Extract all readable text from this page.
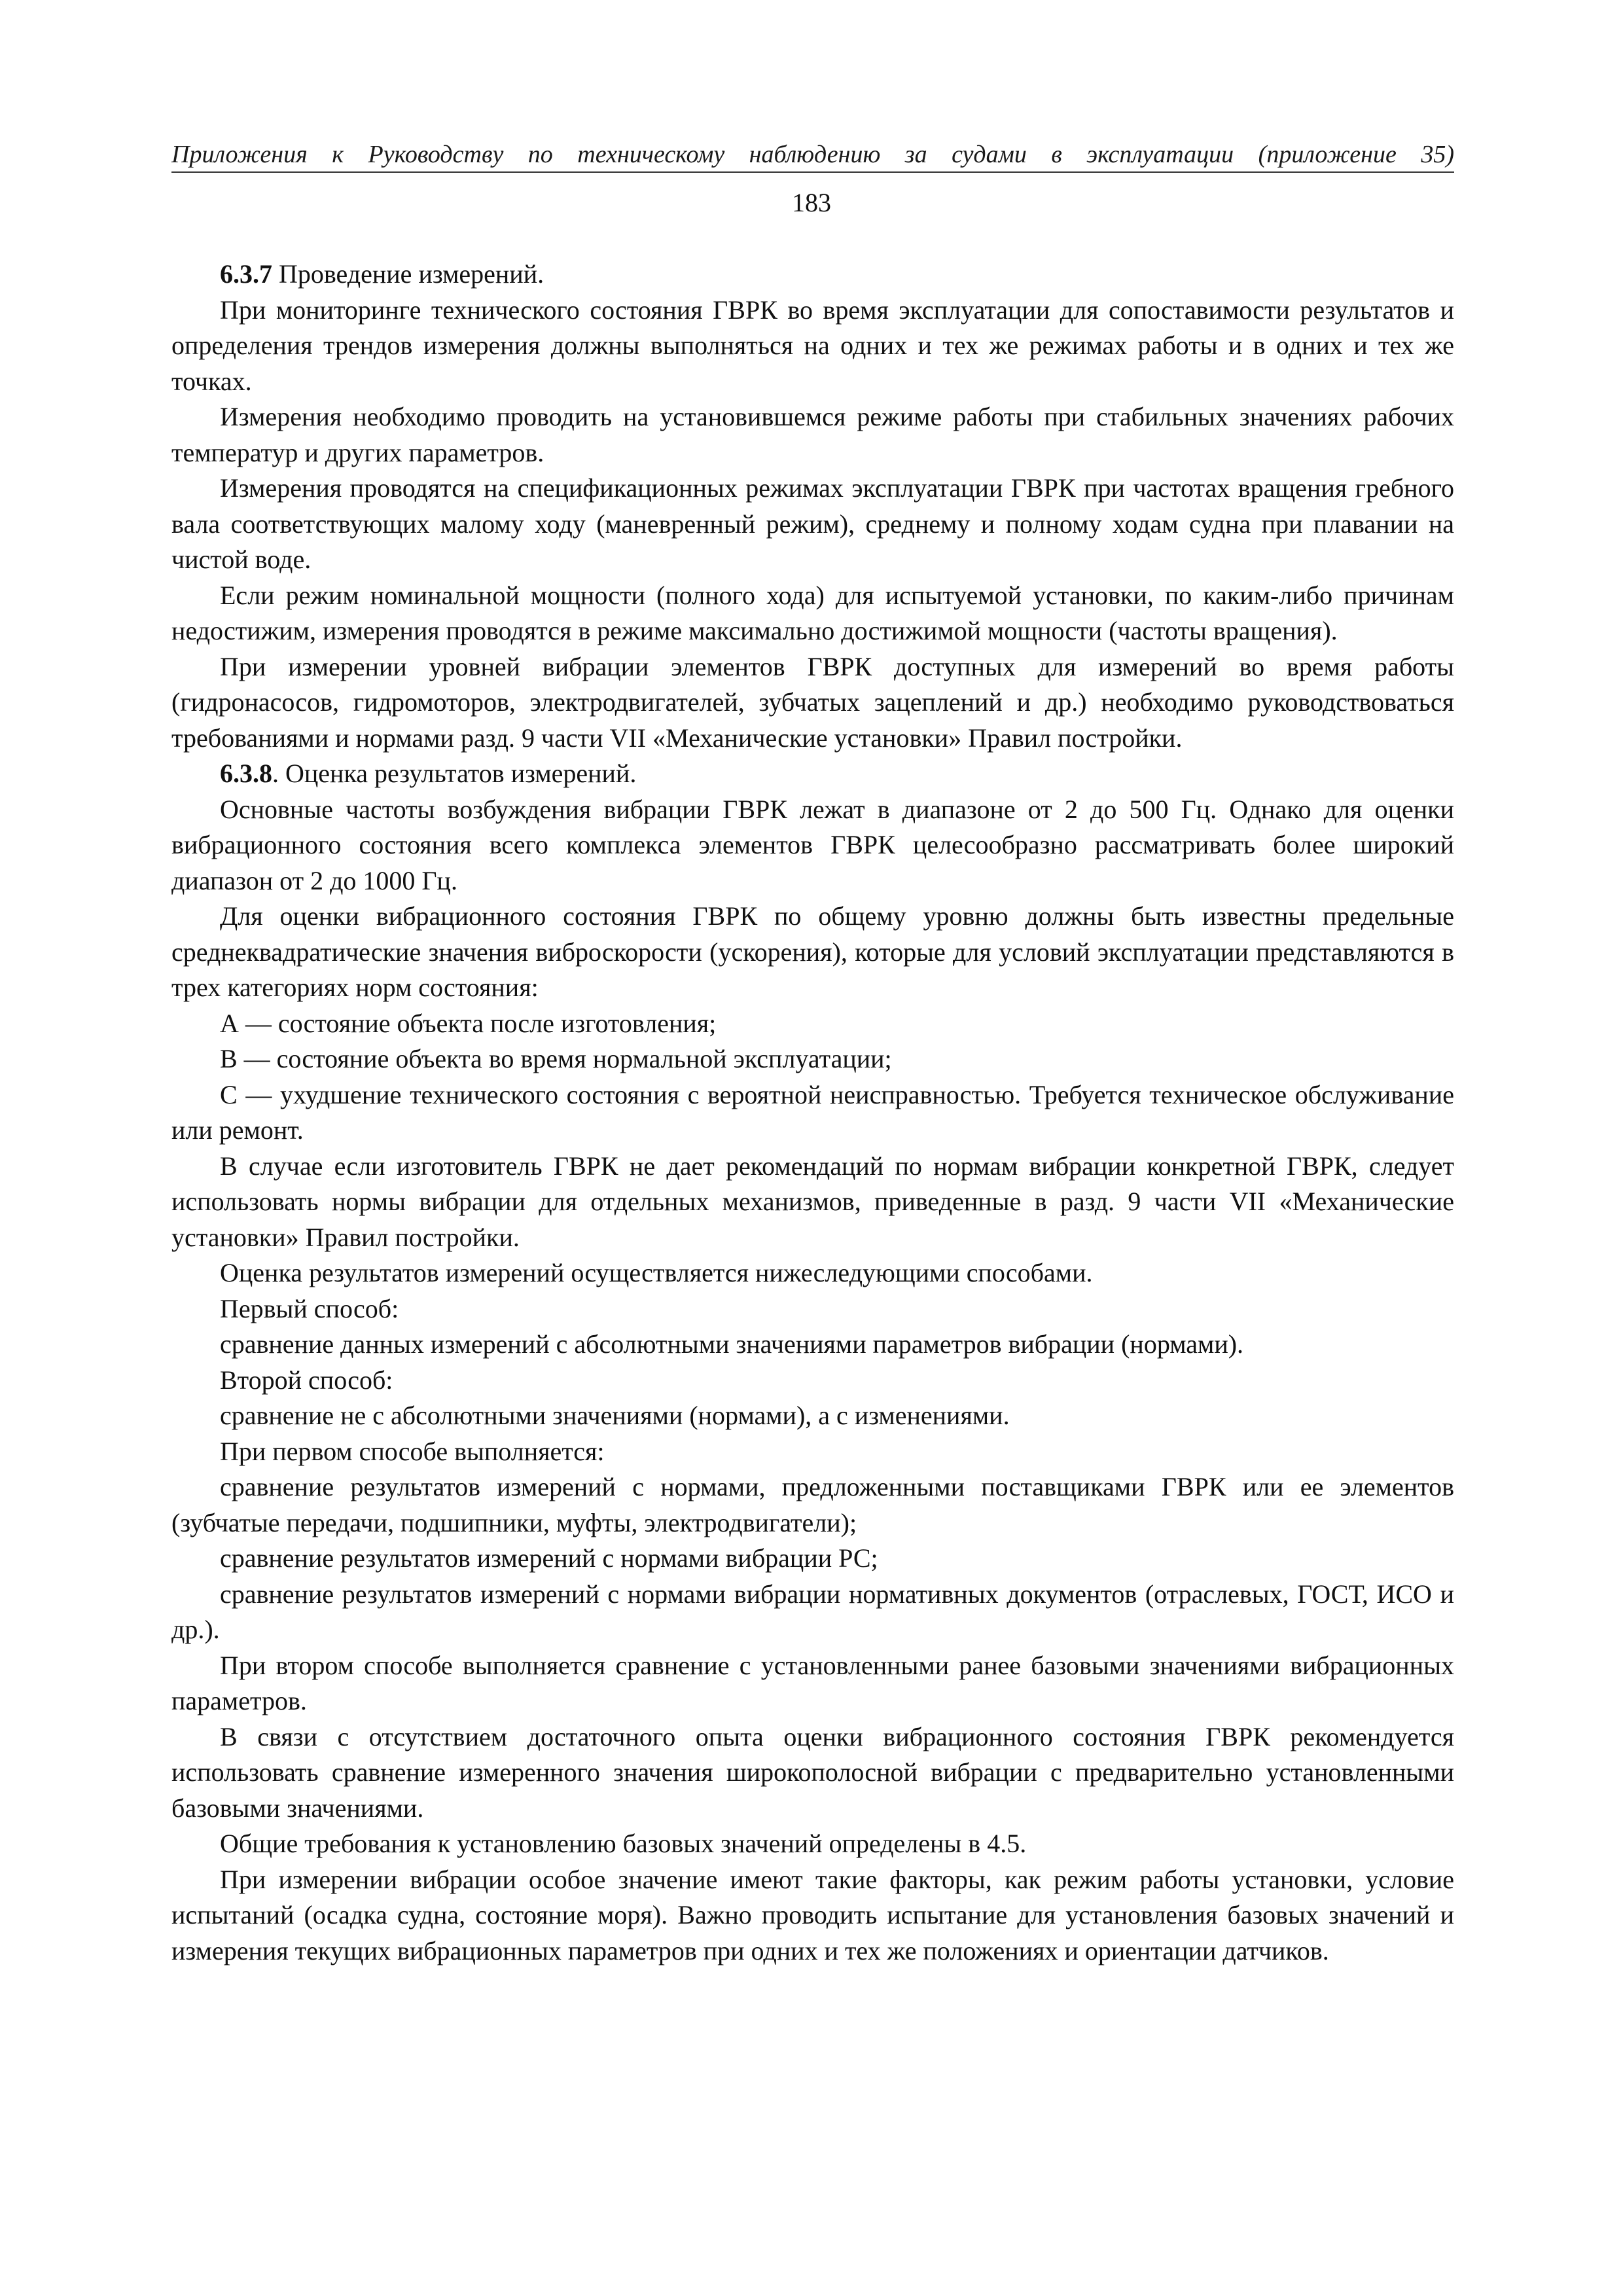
Приложения к Руководству по техническому наблюдению за судами в эксплуатации (приложение 35)

183

6.3.7 Проведение измерений.

При мониторинге технического состояния ГВРК во время эксплуатации для сопоставимости результатов и определения трендов измерения должны выполняться на одних и тех же режимах работы и в одних и тех же точках.

Измерения необходимо проводить на установившемся режиме работы при стабильных значениях рабочих температур и других параметров.

Измерения проводятся на спецификационных режимах эксплуатации ГВРК при частотах вращения гребного вала соответствующих малому ходу (маневренный режим), среднему и полному ходам судна при плавании на чистой воде.

Если режим номинальной мощности (полного хода) для испытуемой установки, по каким-либо причинам недостижим, измерения проводятся в режиме максимально достижимой мощности (частоты вращения).

При измерении уровней вибрации элементов ГВРК доступных для измерений во время работы (гидронасосов, гидромоторов, электродвигателей, зубчатых зацеплений и др.) необходимо руководствоваться требованиями и нормами разд. 9 части VII «Механические установки» Правил постройки.

6.3.8. Оценка результатов измерений.

Основные частоты возбуждения вибрации ГВРК лежат в диапазоне от 2 до 500 Гц. Однако для оценки вибрационного состояния всего комплекса элементов ГВРК целесообразно рассматривать более широкий диапазон от 2 до 1000 Гц.

Для оценки вибрационного состояния ГВРК по общему уровню должны быть известны предельные среднеквадратические значения виброскорости (ускорения), которые для условий эксплуатации представляются в трех категориях норм состояния:

А — состояние объекта после изготовления;

В — состояние объекта во время нормальной эксплуатации;

С — ухудшение технического состояния с вероятной неисправностью. Требуется техническое обслуживание или ремонт.

В случае если изготовитель ГВРК не дает рекомендаций по нормам вибрации конкретной ГВРК, следует использовать нормы вибрации для отдельных механизмов, приведенные в разд. 9 части VII «Механические установки» Правил постройки.

Оценка результатов измерений осуществляется нижеследующими способами.

Первый способ:

сравнение данных измерений с абсолютными значениями параметров вибрации (нормами).

Второй способ:

сравнение не с абсолютными значениями (нормами), а с изменениями.

При первом способе выполняется:

сравнение результатов измерений с нормами, предложенными поставщиками ГВРК или ее элементов (зубчатые передачи, подшипники, муфты, электродвигатели);

сравнение результатов измерений с нормами вибрации РС;

сравнение результатов измерений с нормами вибрации нормативных документов (отраслевых, ГОСТ, ИСО и др.).

При втором способе выполняется сравнение с установленными ранее базовыми значениями вибрационных параметров.

В связи с отсутствием достаточного опыта оценки вибрационного состояния ГВРК рекомендуется использовать сравнение измеренного значения широкополосной вибрации с предварительно установленными базовыми значениями.

Общие требования к установлению базовых значений определены в 4.5.

При измерении вибрации особое значение имеют такие факторы, как режим работы установки, условие испытаний (осадка судна, состояние моря). Важно проводить испытание для установления базовых значений и измерения текущих вибрационных параметров при одних и тех же положениях и ориентации датчиков.
